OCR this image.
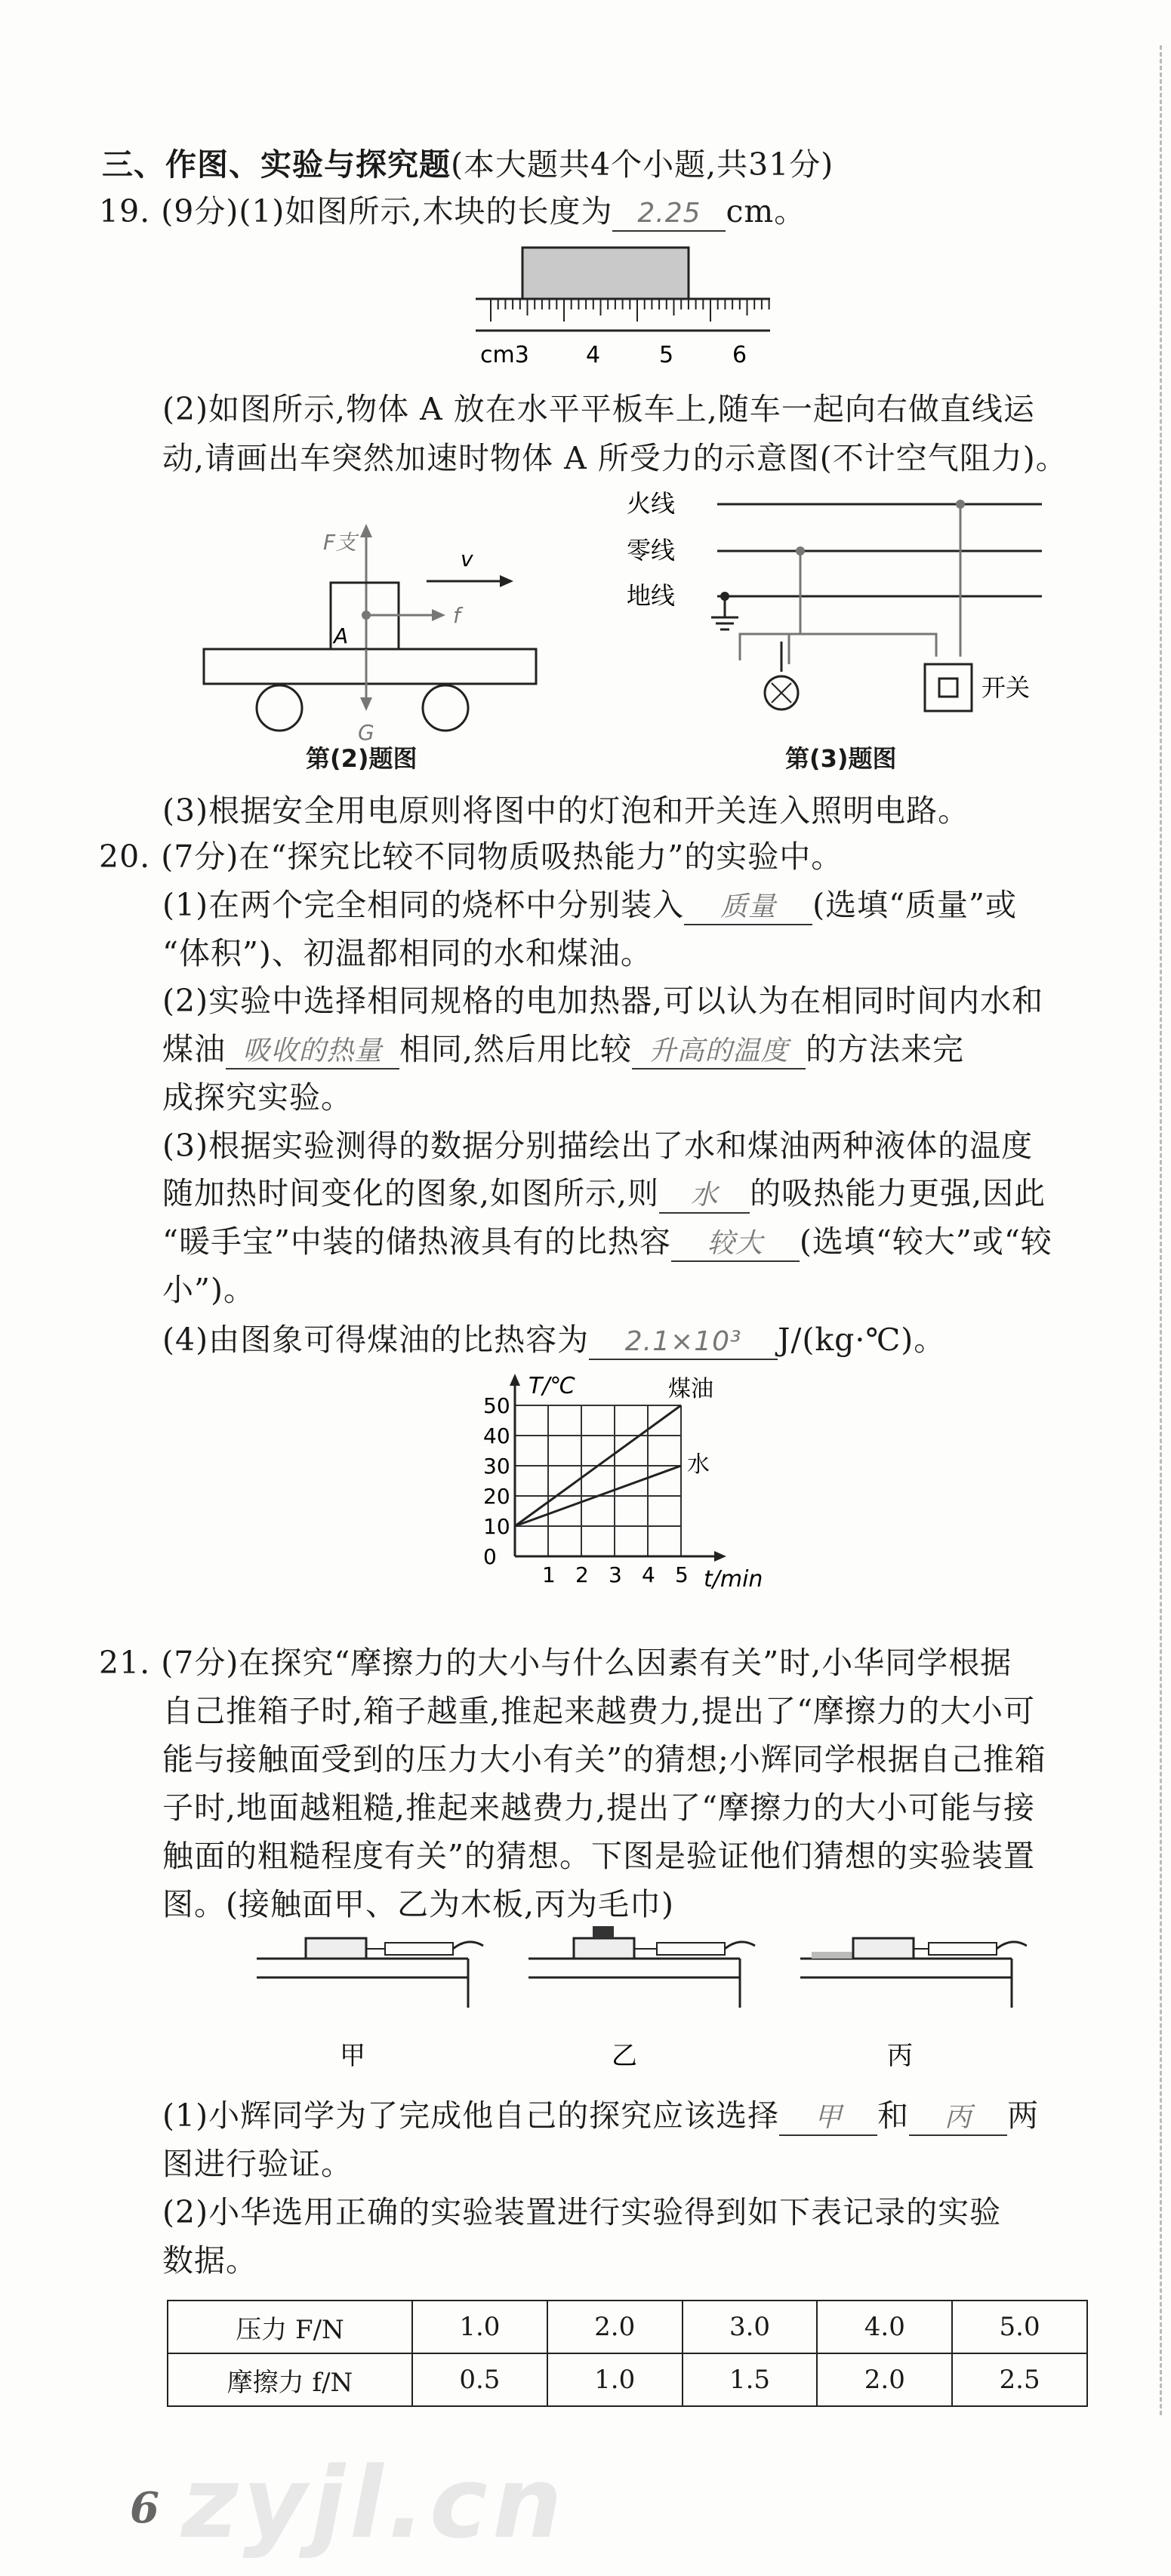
三、作图、实验与探究题(本大题共4个小题,共31分)
19. (9分)(1)如图所示,木块的长度为 2.25 cm。
cm3	4	5	6
(2)如图所示,物体 A 放在水平平板车上,随车一起向右做直线运
动,请画出车突然加速时物体 A 所受力的示意图(不计空气阻力)。
F支
v
A
f
G
第(2)题图
火线
零线
地线
开关
第(3)题图
(3)根据安全用电原则将图中的灯泡和开关连入照明电路。
20. (7分)在“探究比较不同物质吸热能力”的实验中。
(1)在两个完全相同的烧杯中分别装入 质量 (选填“质量”或
“体积”)、初温都相同的水和煤油。
(2)实验中选择相同规格的电加热器,可以认为在相同时间内水和
煤油 吸收的热量 相同,然后用比较 升高的温度 的方法来完
成探究实验。
(3)根据实验测得的数据分别描绘出了水和煤油两种液体的温度
随加热时间变化的图象,如图所示,则 水 的吸热能力更强,因此
“暖手宝”中装的储热液具有的比热容 较大 (选填“较大”或“较
小”)。
(4)由图象可得煤油的比热容为 2.1×10³ J/(kg·℃)。
1 2 3 4 5
0
10
20
30
40
50
煤油
水
T/℃
t/min
21. (7分)在探究“摩擦力的大小与什么因素有关”时,小华同学根据
自己推箱子时,箱子越重,推起来越费力,提出了“摩擦力的大小可
能与接触面受到的压力大小有关”的猜想;小辉同学根据自己推箱
子时,地面越粗糙,推起来越费力,提出了“摩擦力的大小可能与接
触面的粗糙程度有关”的猜想。下图是验证他们猜想的实验装置
图。(接触面甲、乙为木板,丙为毛巾)
甲	乙	丙
(1)小辉同学为了完成他自己的探究应该选择 甲 和 丙 两
图进行验证。
(2)小华选用正确的实验装置进行实验得到如下表记录的实验
数据。
压力 F/N	1.0	2.0	3.0	4.0	5.0
摩擦力 f/N	0.5	1.0	1.5	2.0	2.5
zyjl.cn
6
